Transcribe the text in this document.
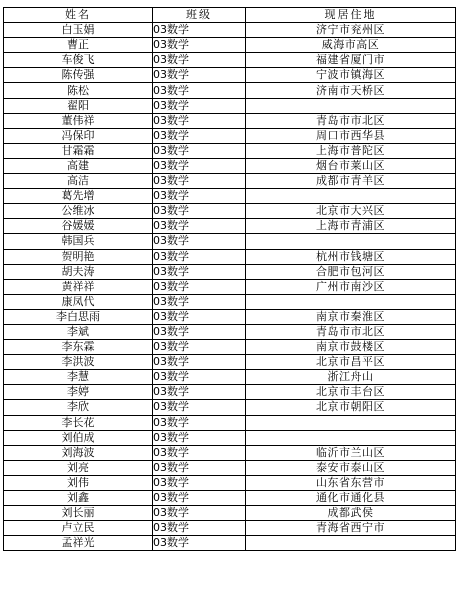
姓名	班级	现居住地
白玉娟	03数学	济宁市兖州区
曹正	03数学	威海市高区
车俊飞	03数学	福建省厦门市
陈传强	03数学	宁波市镇海区
陈松	03数学	济南市天桥区
翟阳	03数学	
董伟祥	03数学	青岛市市北区
冯保印	03数学	周口市西华县
甘霜霜	03数学	上海市普陀区
高建	03数学	烟台市莱山区
高洁	03数学	成都市青羊区
葛先增	03数学	
公维冰	03数学	北京市大兴区
谷媛媛	03数学	上海市青浦区
韩国兵	03数学	
贺明艳	03数学	杭州市钱塘区
胡夫涛	03数学	合肥市包河区
黄祥祥	03数学	广州市南沙区
康凤代	03数学	
李白思雨	03数学	南京市秦淮区
李斌	03数学	青岛市市北区
李东霖	03数学	南京市鼓楼区
李洪波	03数学	北京市昌平区
李慧	03数学	浙江舟山
李婷	03数学	北京市丰台区
李欣	03数学	北京市朝阳区
李长花	03数学	
刘伯成	03数学	
刘海波	03数学	临沂市兰山区
刘亮	03数学	泰安市泰山区
刘伟	03数学	山东省东营市
刘鑫	03数学	通化市通化县
刘长丽	03数学	成都武侯
卢立民	03数学	青海省西宁市
孟祥光	03数学	
